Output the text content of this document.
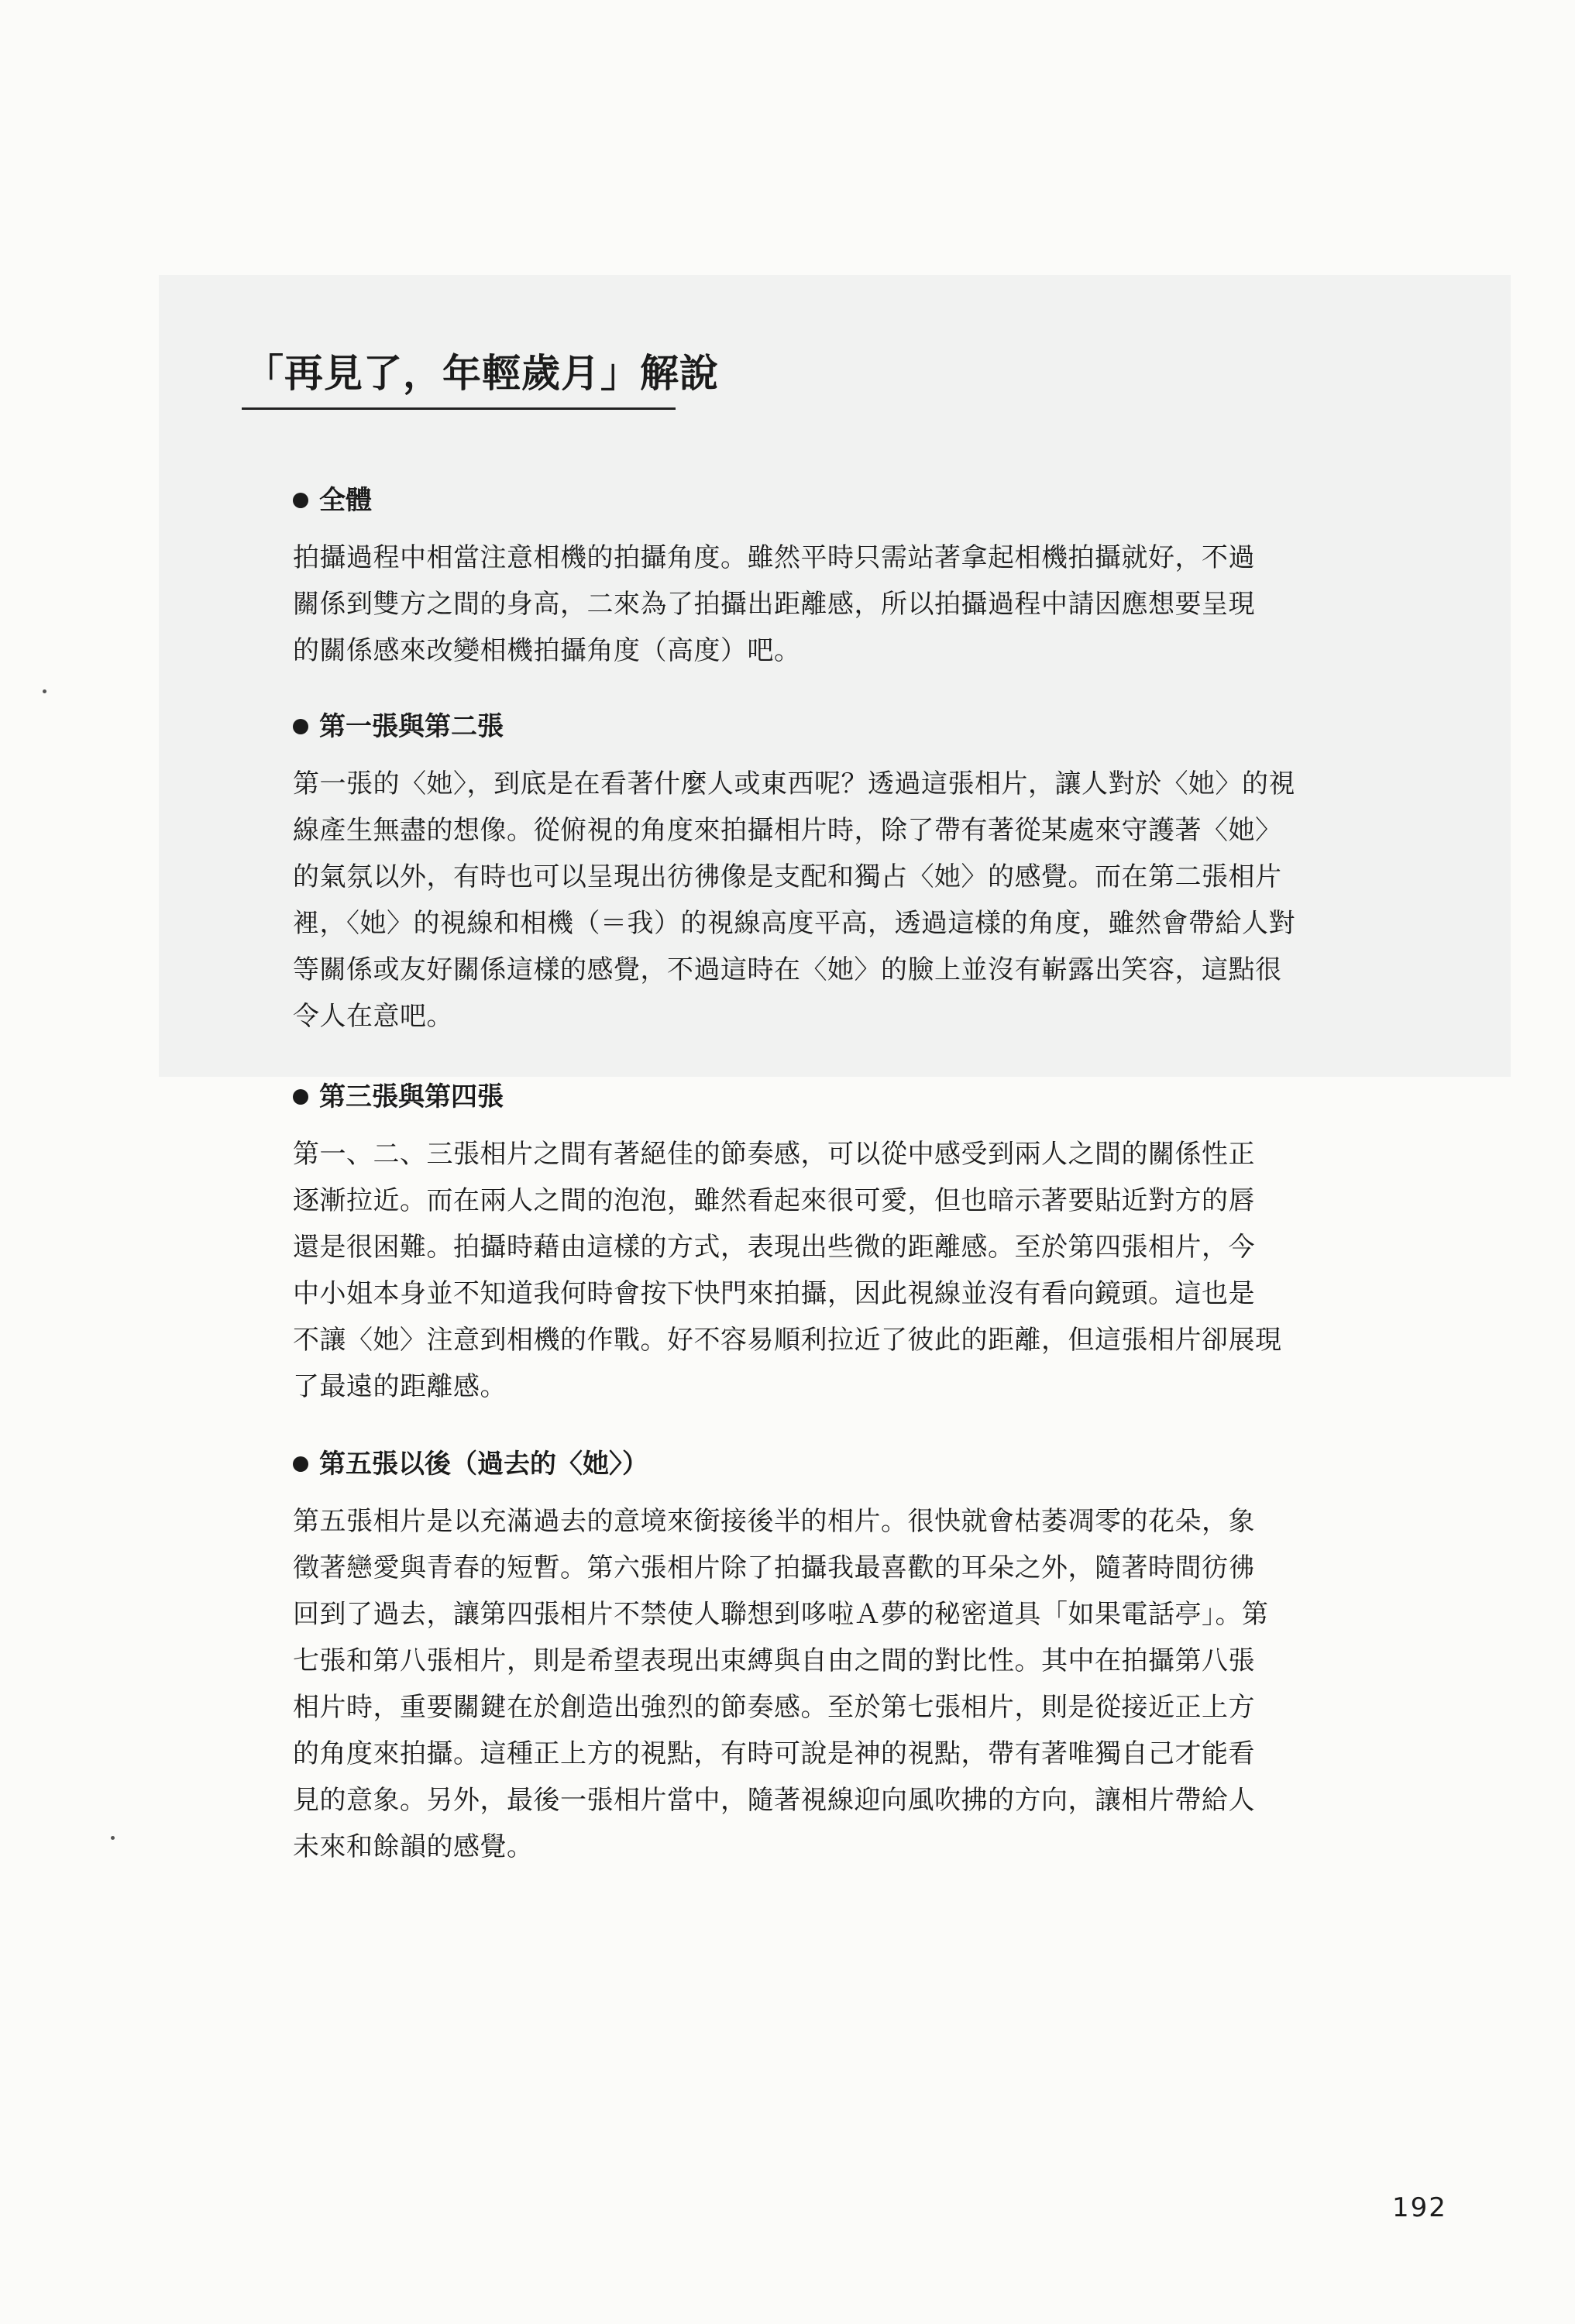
「再見了，年輕歲月」解說
全體
拍攝過程中相當注意相機的拍攝角度。雖然平時只需站著拿起相機拍攝就好，不過
關係到雙方之間的身高，二來為了拍攝出距離感，所以拍攝過程中請因應想要呈現
的關係感來改變相機拍攝角度（高度）吧。
第一張與第二張
第一張的〈她〉，到底是在看著什麼人或東西呢？透過這張相片，讓人對於〈她〉的視
線產生無盡的想像。從俯視的角度來拍攝相片時，除了帶有著從某處來守護著〈她〉
的氣氛以外，有時也可以呈現出彷彿像是支配和獨占〈她〉的感覺。而在第二張相片
裡，〈她〉的視線和相機（＝我）的視線高度平高，透過這樣的角度，雖然會帶給人對
等關係或友好關係這樣的感覺，不過這時在〈她〉的臉上並沒有嶄露出笑容，這點很
令人在意吧。
第三張與第四張
第一、二、三張相片之間有著絕佳的節奏感，可以從中感受到兩人之間的關係性正
逐漸拉近。而在兩人之間的泡泡，雖然看起來很可愛，但也暗示著要貼近對方的唇
還是很困難。拍攝時藉由這樣的方式，表現出些微的距離感。至於第四張相片，今
中小姐本身並不知道我何時會按下快門來拍攝，因此視線並沒有看向鏡頭。這也是
不讓〈她〉注意到相機的作戰。好不容易順利拉近了彼此的距離，但這張相片卻展現
了最遠的距離感。
第五張以後（過去的〈她〉）
第五張相片是以充滿過去的意境來銜接後半的相片。很快就會枯萎凋零的花朵，象
徵著戀愛與青春的短暫。第六張相片除了拍攝我最喜歡的耳朵之外，隨著時間彷彿
回到了過去，讓第四張相片不禁使人聯想到哆啦Ａ夢的秘密道具「如果電話亭」。第
七張和第八張相片，則是希望表現出束縛與自由之間的對比性。其中在拍攝第八張
相片時，重要關鍵在於創造出強烈的節奏感。至於第七張相片，則是從接近正上方
的角度來拍攝。這種正上方的視點，有時可說是神的視點，帶有著唯獨自己才能看
見的意象。另外，最後一張相片當中，隨著視線迎向風吹拂的方向，讓相片帶給人
未來和餘韻的感覺。
192
